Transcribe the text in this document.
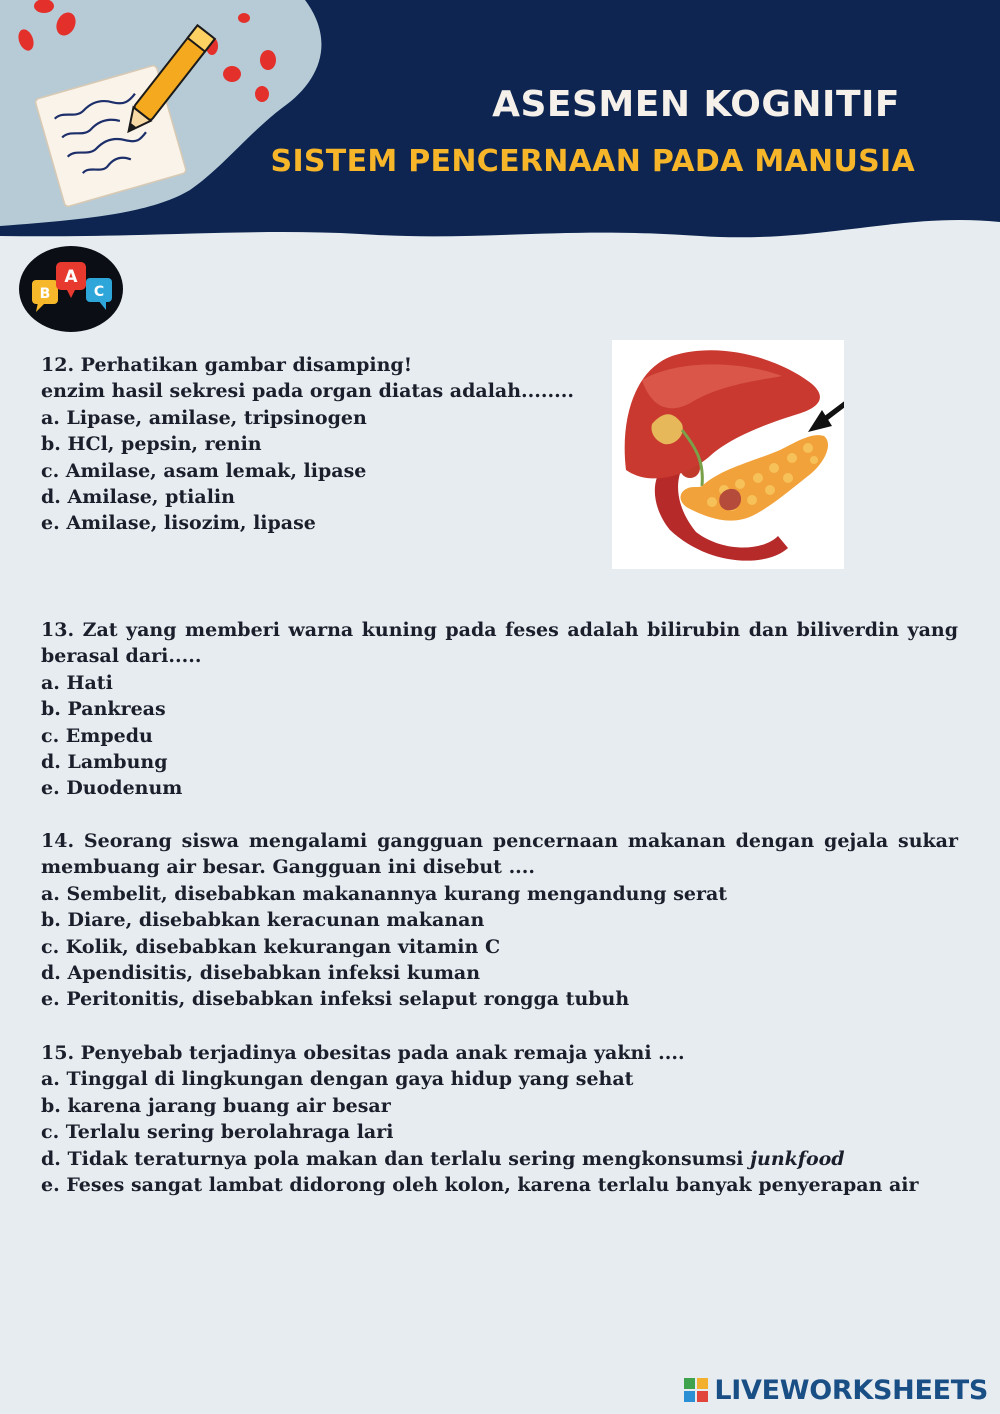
ASESMEN KOGNITIF
SISTEM PENCERNAAN PADA MANUSIA
B	C
A

12. Perhatikan gambar disamping!

enzim hasil sekresi pada organ diatas adalah........

a. Lipase, amilase, tripsinogen

b. HCl, pepsin, renin

c. Amilase, asam lemak, lipase

d. Amilase, ptialin

e. Amilase, lisozim, lipase

13. Zat yang memberi warna kuning pada feses adalah bilirubin dan biliverdin yang berasal dari.....

a. Hati

b. Pankreas

c. Empedu

d. Lambung

e. Duodenum

14. Seorang siswa mengalami gangguan pencernaan makanan dengan gejala sukar membuang air besar. Gangguan ini disebut ....

a. Sembelit, disebabkan makanannya kurang mengandung serat

b. Diare, disebabkan keracunan makanan

c. Kolik, disebabkan kekurangan vitamin C

d. Apendisitis, disebabkan infeksi kuman

e. Peritonitis, disebabkan infeksi selaput rongga tubuh

15. Penyebab terjadinya obesitas pada anak remaja yakni ....

a. Tinggal di lingkungan dengan gaya hidup yang sehat

b. karena jarang buang air besar

c. Terlalu sering berolahraga lari

d. Tidak teraturnya pola makan dan terlalu sering mengkonsumsi junkfood

e. Feses sangat lambat didorong oleh kolon, karena terlalu banyak penyerapan air

LIVEWORKSHEETS
